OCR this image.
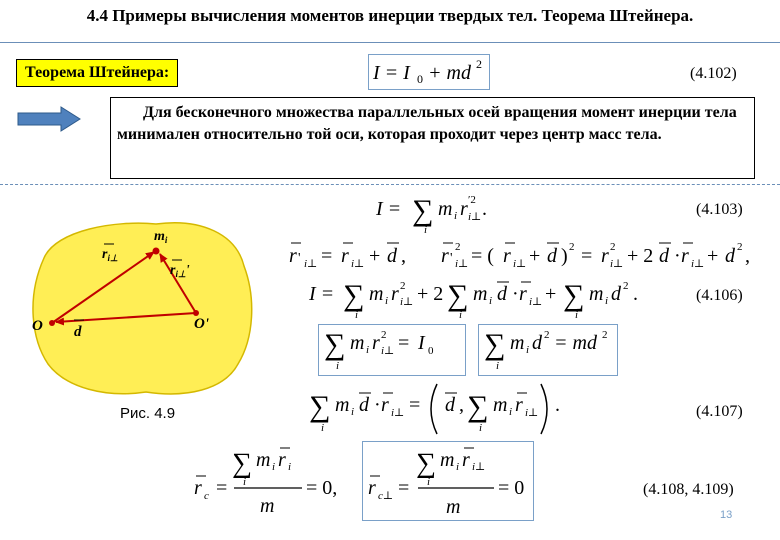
4.4 Примеры вычисления моментов инерции твердых тел. Теорема Штейнера.
Теорема Штейнера:	I = I 0 + md 2
(4.102)
Для бесконечного множества параллельных осей вращения момент инерции тела минимален относительно той оси, которая проходит через центр масс тела.
I = ∑
i
m i r ′2
i⊥ .	(4.103)
r ' i⊥ = r i⊥ + d , r '
2
i⊥ = ( r i⊥ + d ) 2 = r 2
i⊥ + 2 d · r i⊥ + d 2 ,
I = ∑
i
m i r 2
i⊥ + 2 ∑
i
m i d · r i⊥ + ∑
i
m i d 2 .	(4.106)
∑
i
m i r 2
i⊥ = I 0 ∑
i
m i d 2 = md 2
∑
i
m i d · r i⊥ = d , ∑
i
m i r i⊥ .	(4.107)
r c =
∑
i
m i r i
m
= 0, r c⊥ =
∑
i
m i r i⊥
m
= 0	(4.108, 4.109)
$m_i$
$r_{i\perp}$
$r_{i\perp}'$
O	O'
d
Рис. 4.9
13
